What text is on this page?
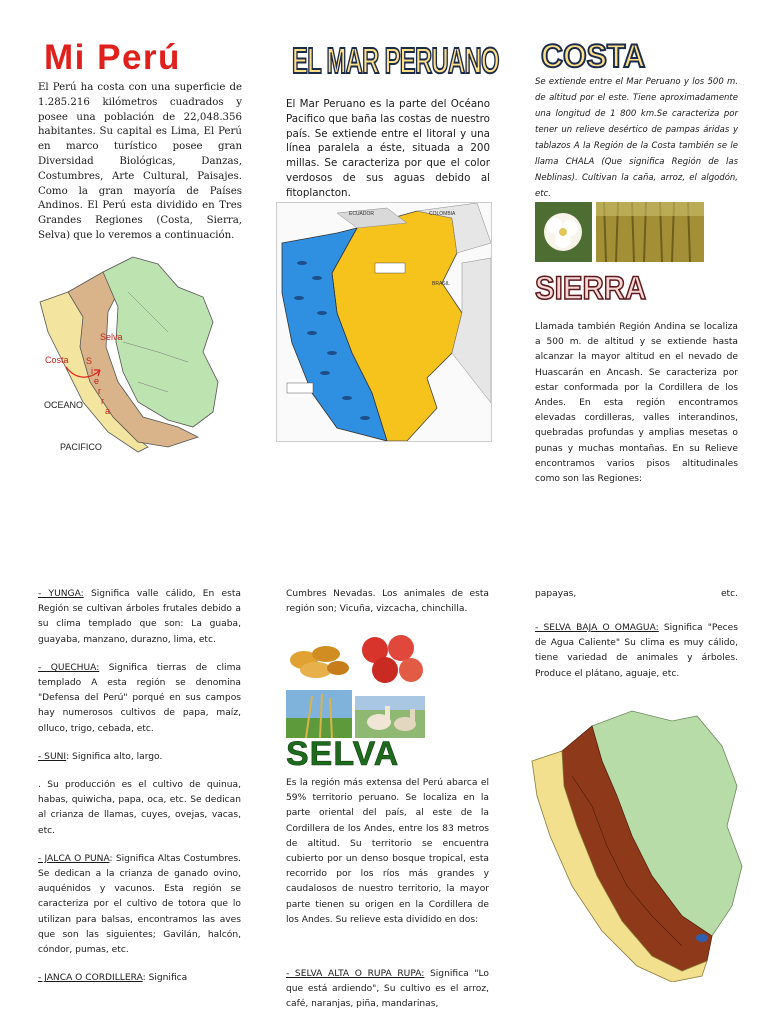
Mi Perú
El Perú ha costa con una superficie de 1.285.216 kilómetros cuadrados y posee una población de 22,048.356 habitantes. Su capital es Lima, El Perú en marco turístico posee gran Diversidad Biológicas, Danzas, Costumbres, Arte Cultural, Paisajes. Como la gran mayoría de Países Andinos. El Perú esta dividido en Tres Grandes Regiones (Costa, Sierra, Selva) que lo veremos a continuación.
Selva
Costa S
i
e
r
r
a
OCEANO
PACIFICO
EL MAR PERUANO
El Mar Peruano es la parte del Océano Pacifico que baña las costas de nuestro país. Se extiende entre el litoral y una línea paralela a éste, situada a 200 millas. Se caracteriza por que el color verdosos de sus aguas debido al fitoplancton.
ECUADOR	COLOMBIA
BRASIL
COSTA
Se extiende entre el Mar Peruano y los 500 m. de altitud por el este. Tiene aproximadamente una longitud de 1 800 km.Se caracteriza por tener un relieve desértico de pampas áridas y tablazos A la Región de la Costa también se le llama CHALA (Que significa Región de las Neblinas). Cultivan la caña, arroz, el algodón, etc.
SIERRA
Llamada también Región Andina se localiza a 500 m. de altitud y se extiende hasta alcanzar la mayor altitud en el nevado de Huascarán en Ancash. Se caracteriza por estar conformada por la Cordillera de los Andes. En esta región encontramos elevadas cordilleras, valles interandinos, quebradas profundas y amplias mesetas o punas y muchas montañas. En su Relieve encontramos varios pisos altitudinales como son las Regiones:
- YUNGA: Significa valle cálido, En esta Región se cultivan árboles frutales debido a su clima templado que son: La guaba, guayaba, manzano, durazno, lima, etc.
- QUECHUA: Significa tierras de clima templado A esta región se denomina "Defensa del Perú" porqué en sus campos hay numerosos cultivos de papa, maíz, olluco, trigo, cebada, etc.
- SUNI: Significa alto, largo.
. Su producción es el cultivo de quinua, habas, quiwicha, papa, oca, etc. Se dedican al crianza de llamas, cuyes, ovejas, vacas, etc.
- JALCA O PUNA: Significa Altas Costumbres. Se dedican a la crianza de ganado ovino, auquénidos y vacunos. Esta región se caracteriza por el cultivo de totora que lo utilizan para balsas, encontramos las aves que son las siguientes; Gavilán, halcón, cóndor, pumas, etc.
- JANCA O CORDILLERA: Significa
Cumbres Nevadas. Los animales de esta región son; Vicuña, vizcacha, chinchilla.
SELVA
Es la región más extensa del Perú abarca el 59% territorio peruano. Se localiza en la parte oriental del país, al este de la Cordillera de los Andes, entre los 83 metros de altitud. Su territorio se encuentra cubierto por un denso bosque tropical, esta recorrido por los ríos más grandes y caudalosos de nuestro territorio, la mayor parte tienen su origen en la Cordillera de los Andes. Su relieve esta dividido en dos:
- SELVA ALTA O RUPA RUPA: Significa "Lo que está ardiendo", Su cultivo es el arroz, café, naranjas, piña, mandarinas,
papayas, etc.
- SELVA BAJA O OMAGUA: Significa "Peces de Agua Caliente" Su clima es muy cálido, tiene variedad de animales y árboles. Produce el plátano, aguaje, etc.
